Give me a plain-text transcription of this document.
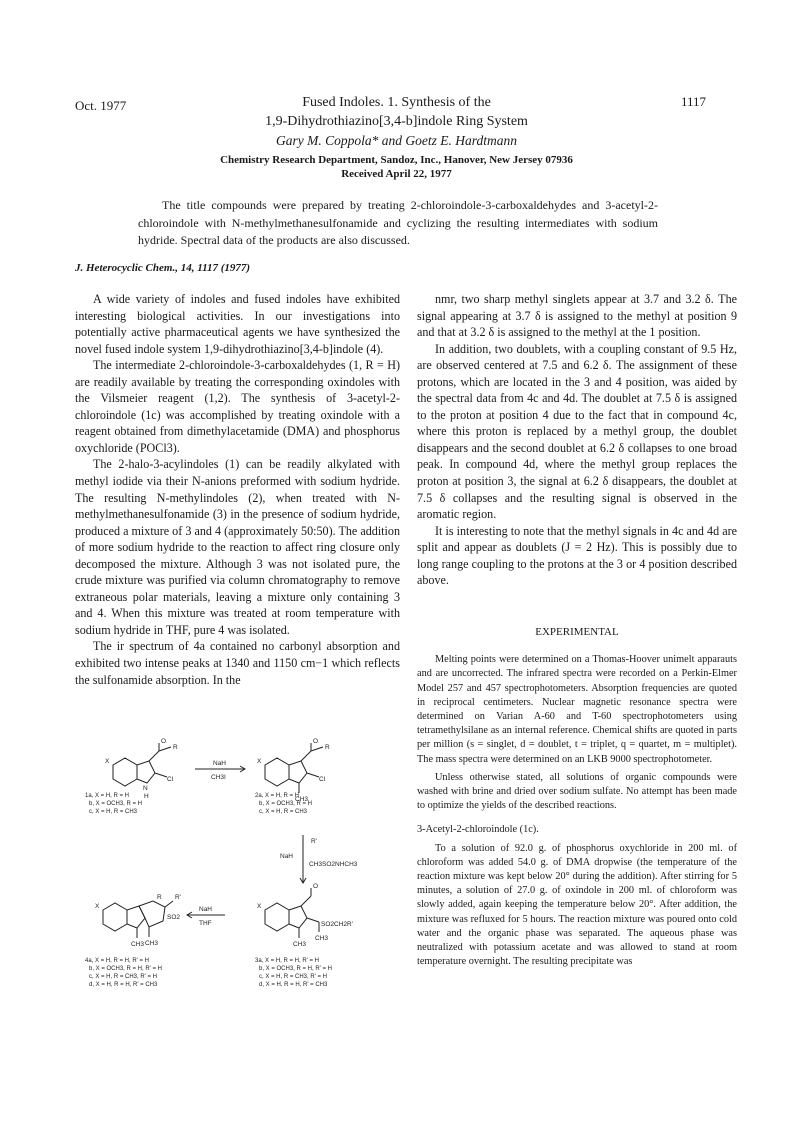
Oct. 1977	1117
Fused Indoles. 1. Synthesis of the
1,9-Dihydrothiazino[3,4-b]indole Ring System
Gary M. Coppola* and Goetz E. Hardtmann
Chemistry Research Department, Sandoz, Inc., Hanover, New Jersey 07936
Received April 22, 1977
The title compounds were prepared by treating 2-chloroindole-3-carboxaldehydes and 3-acetyl-2-chloroindole with N-methylmethanesulfonamide and cyclizing the resulting intermediates with sodium hydride. Spectral data of the products are also discussed.
J. Heterocyclic Chem., 14, 1117 (1977)

A wide variety of indoles and fused indoles have exhibited interesting biological activities. In our investigations into potentially active pharmaceutical agents we have synthesized the novel fused indole system 1,9-dihydrothiazino[3,4-b]indole (4).

The intermediate 2-chloroindole-3-carboxaldehydes (1, R = H) are readily available by treating the corresponding oxindoles with the Vilsmeier reagent (1,2). The synthesis of 3-acetyl-2-chloroindole (1c) was accomplished by treating oxindole with a reagent obtained from dimethylacetamide (DMA) and phosphorus oxychloride (POCl3).

The 2-halo-3-acylindoles (1) can be readily alkylated with methyl iodide via their N-anions preformed with sodium hydride. The resulting N-methylindoles (2), when treated with N-methylmethanesulfonamide (3) in the presence of sodium hydride, produced a mixture of 3 and 4 (approximately 50:50). The addition of more sodium hydride to the reaction to affect ring closure only decomposed the mixture. Although 3 was not isolated pure, the crude mixture was purified via column chromatography to remove extraneous polar materials, leaving a mixture only containing 3 and 4. When this mixture was treated at room temperature with sodium hydride in THF, pure 4 was isolated.

The ir spectrum of 4a contained no carbonyl absorption and exhibited two intense peaks at 1340 and 1150 cm−1 which reflects the sulfonamide absorption. In the

X
O
R
Cl
N
H
NaH
CH3I
X
O
R
Cl
CH3
NaH
R'
CH3SO2NHCH3
X
O
SO2CH2R'
CH3
CH3
NaH
THF
X
R R'
SO2
CH3 CH3
1a, X = H, R = H
b, X = OCH3, R = H
c, X = H, R = CH3
2a, X = H, R = H
b, X = OCH3, R = H
c, X = H, R = CH3
3a, X = H, R = H, R' = H
b, X = OCH3, R = H, R' = H
c, X = H, R = CH3, R' = H
d, X = H, R = H, R' = CH3
4a, X = H, R = H, R' = H
b, X = OCH3, R = H, R' = H
c, X = H, R = CH3, R' = H
d, X = H, R = H, R' = CH3

nmr, two sharp methyl singlets appear at 3.7 and 3.2 δ. The signal appearing at 3.7 δ is assigned to the methyl at position 9 and that at 3.2 δ is assigned to the methyl at the 1 position.

In addition, two doublets, with a coupling constant of 9.5 Hz, are observed centered at 7.5 and 6.2 δ. The assignment of these protons, which are located in the 3 and 4 position, was aided by the spectral data from 4c and 4d. The doublet at 7.5 δ is assigned to the proton at position 4 due to the fact that in compound 4c, where this proton is replaced by a methyl group, the doublet disappears and the second doublet at 6.2 δ collapses to one broad peak. In compound 4d, where the methyl group replaces the proton at position 3, the signal at 6.2 δ disappears, the doublet at 7.5 δ collapses and the resulting signal is observed in the aromatic region.

It is interesting to note that the methyl signals in 4c and 4d are split and appear as doublets (J = 2 Hz). This is possibly due to long range coupling to the protons at the 3 or 4 position described above.

EXPERIMENTAL

Melting points were determined on a Thomas-Hoover unimelt apparauts and are uncorrected. The infrared spectra were recorded on a Perkin-Elmer Model 257 and 457 spectrophotometers. Absorption frequencies are quoted in reciprocal centimeters. Nuclear magnetic resonance spectra were determined on Varian A-60 and T-60 spectrophotometers using tetramethylsilane as an internal reference. Chemical shifts are quoted in parts per million (s = singlet, d = doublet, t = triplet, q = quartet, m = multiplet). The mass spectra were determined on an LKB 9000 spectrophotometer.

Unless otherwise stated, all solutions of organic compounds were washed with brine and dried over sodium sulfate. No attempt has been made to optimize the yields of the described reactions.

3-Acetyl-2-chloroindole (1c).

To a solution of 92.0 g. of phosphorus oxychloride in 200 ml. of chloroform was added 54.0 g. of DMA dropwise (the temperature of the reaction mixture was kept below 20° during the addition). After stirring for 5 minutes, a solution of 27.0 g. of oxindole in 200 ml. of chloroform was slowly added, again keeping the temperature below 20°. After addition, the mixture was refluxed for 5 hours. The reaction mixture was poured onto cold water and the organic phase was separated. The aqueous phase was neutralized with potassium acetate and was allowed to stand at room temperature overnight. The resulting precipitate was
